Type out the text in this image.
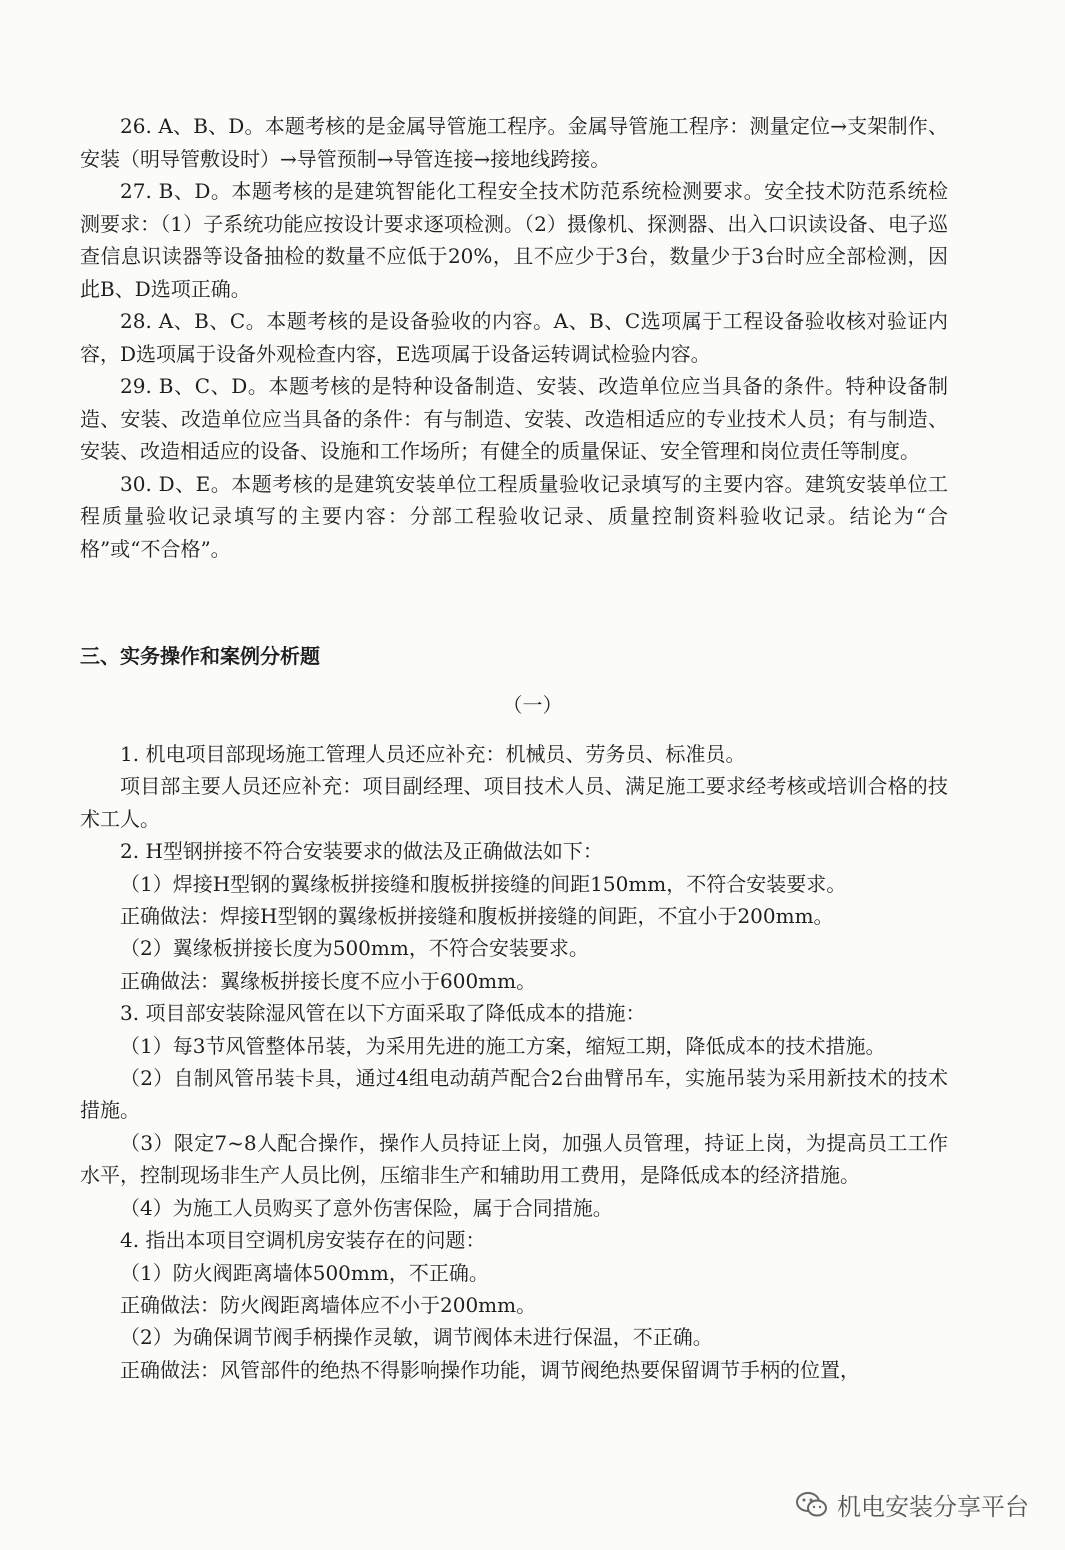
26. A、B、D。本题考核的是金属导管施工程序。金属导管施工程序：测量定位→支架制作、安装（明导管敷设时）→导管预制→导管连接→接地线跨接。

27. B、D。本题考核的是建筑智能化工程安全技术防范系统检测要求。安全技术防范系统检测要求：（1）子系统功能应按设计要求逐项检测。（2）摄像机、探测器、出入口识读设备、电子巡查信息识读器等设备抽检的数量不应低于20%，且不应少于3台，数量少于3台时应全部检测，因此B、D选项正确。

28. A、B、C。本题考核的是设备验收的内容。A、B、C选项属于工程设备验收核对验证内容，D选项属于设备外观检查内容，E选项属于设备运转调试检验内容。

29. B、C、D。本题考核的是特种设备制造、安装、改造单位应当具备的条件。特种设备制造、安装、改造单位应当具备的条件：有与制造、安装、改造相适应的专业技术人员；有与制造、安装、改造相适应的设备、设施和工作场所；有健全的质量保证、安全管理和岗位责任等制度。

30. D、E。本题考核的是建筑安装单位工程质量验收记录填写的主要内容。建筑安装单位工程质量验收记录填写的主要内容：分部工程验收记录、质量控制资料验收记录。结论为“合格”或“不合格”。

三、实务操作和案例分析题
（一）

1. 机电项目部现场施工管理人员还应补充：机械员、劳务员、标准员。

项目部主要人员还应补充：项目副经理、项目技术人员、满足施工要求经考核或培训合格的技术工人。

2. H型钢拼接不符合安装要求的做法及正确做法如下：

（1）焊接H型钢的翼缘板拼接缝和腹板拼接缝的间距150mm，不符合安装要求。

正确做法：焊接H型钢的翼缘板拼接缝和腹板拼接缝的间距，不宜小于200mm。

（2）翼缘板拼接长度为500mm，不符合安装要求。

正确做法：翼缘板拼接长度不应小于600mm。

3. 项目部安装除湿风管在以下方面采取了降低成本的措施：

（1）每3节风管整体吊装，为采用先进的施工方案，缩短工期，降低成本的技术措施。

（2）自制风管吊装卡具，通过4组电动葫芦配合2台曲臂吊车，实施吊装为采用新技术的技术措施。

（3）限定7~8人配合操作，操作人员持证上岗，加强人员管理，持证上岗，为提高员工工作水平，控制现场非生产人员比例，压缩非生产和辅助用工费用，是降低成本的经济措施。

（4）为施工人员购买了意外伤害保险，属于合同措施。

4. 指出本项目空调机房安装存在的问题：

（1）防火阀距离墙体500mm，不正确。

正确做法：防火阀距离墙体应不小于200mm。

（2）为确保调节阀手柄操作灵敏，调节阀体未进行保温，不正确。

正确做法：风管部件的绝热不得影响操作功能，调节阀绝热要保留调节手柄的位置，

机电安装分享平台
